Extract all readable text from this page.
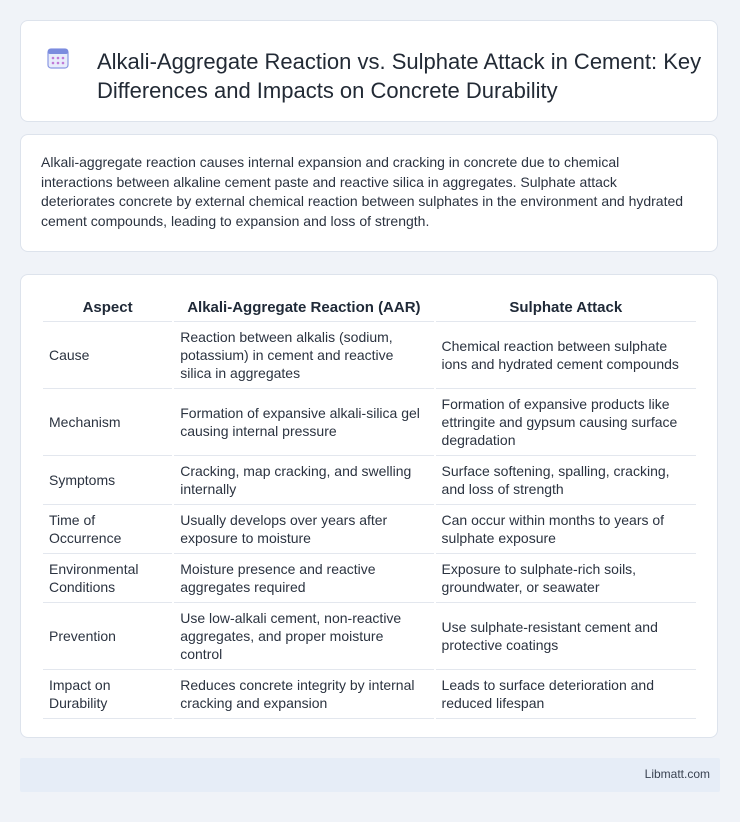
Alkali-Aggregate Reaction vs. Sulphate Attack in Cement: Key Differences and Impacts on Concrete Durability

Alkali-aggregate reaction causes internal expansion and cracking in concrete due to chemical interactions between alkaline cement paste and reactive silica in aggregates. Sulphate attack deteriorates concrete by external chemical reaction between sulphates in the environment and hydrated cement compounds, leading to expansion and loss of strength.

Aspect	Alkali-Aggregate Reaction (AAR)	Sulphate Attack
Cause	Reaction between alkalis (sodium, potassium) in cement and reactive silica in aggregates	Chemical reaction between sulphate ions and hydrated cement compounds
Mechanism	Formation of expansive alkali-silica gel causing internal pressure	Formation of expansive products like ettringite and gypsum causing surface degradation
Symptoms	Cracking, map cracking, and swelling internally	Surface softening, spalling, cracking, and loss of strength
Time of Occurrence	Usually develops over years after exposure to moisture	Can occur within months to years of sulphate exposure
Environmental Conditions	Moisture presence and reactive aggregates required	Exposure to sulphate-rich soils, groundwater, or seawater
Prevention	Use low-alkali cement, non-reactive aggregates, and proper moisture control	Use sulphate-resistant cement and protective coatings
Impact on Durability	Reduces concrete integrity by internal cracking and expansion	Leads to surface deterioration and reduced lifespan
Libmatt.com
